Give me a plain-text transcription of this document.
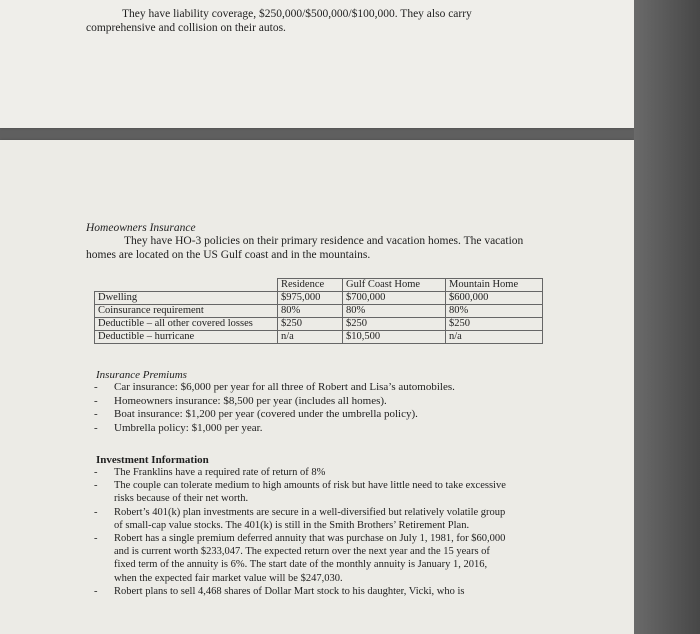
They have liability coverage, $250,000/$500,000/$100,000. They also carry
comprehensive and collision on their autos.
Homeowners Insurance
They have HO-3 policies on their primary residence and vacation homes. The vacation
homes are located on the US Gulf coast and in the mountains.
	Residence	Gulf Coast Home	Mountain Home
Dwelling	$975,000	$700,000	$600,000
Coinsurance requirement	80%	80%	80%
Deductible – all other covered losses	$250	$250	$250
Deductible – hurricane	n/a	$10,500	n/a
Insurance Premiums
- Car insurance: $6,000 per year for all three of Robert and Lisa’s automobiles.
- Homeowners insurance: $8,500 per year (includes all homes).
- Boat insurance: $1,200 per year (covered under the umbrella policy).
- Umbrella policy: $1,000 per year.
Investment Information
- The Franklins have a required rate of return of 8%
- The couple can tolerate medium to high amounts of risk but have little need to take excessive
risks because of their net worth.
- Robert’s 401(k) plan investments are secure in a well-diversified but relatively volatile group
of small-cap value stocks. The 401(k) is still in the Smith Brothers’ Retirement Plan.
- Robert has a single premium deferred annuity that was purchase on July 1, 1981, for $60,000
and is current worth $233,047. The expected return over the next year and the 15 years of
fixed term of the annuity is 6%. The start date of the monthly annuity is January 1, 2016,
when the expected fair market value will be $247,030.
- Robert plans to sell 4,468 shares of Dollar Mart stock to his daughter, Vicki, who is
